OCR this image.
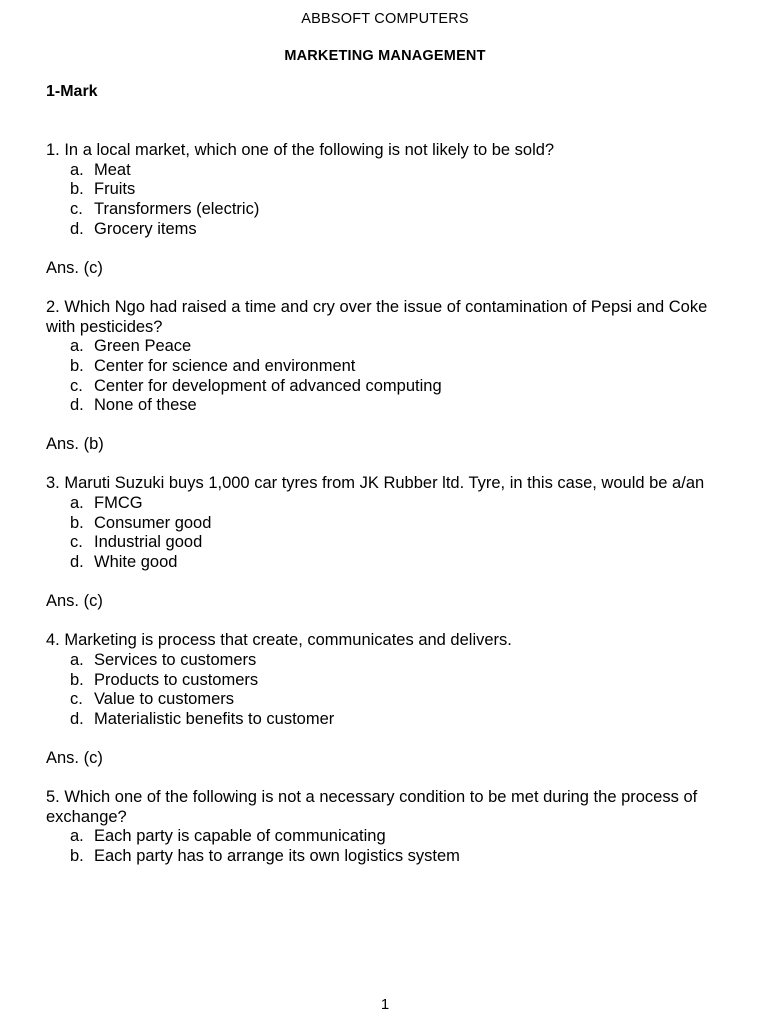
ABBSOFT COMPUTERS
MARKETING MANAGEMENT
1-Mark

1. In a local market, which one of the following is not likely to be sold?

a. Meat
b. Fruits
c. Transformers (electric)
d. Grocery items

Ans. (c)

2. Which Ngo had raised a time and cry over the issue of contamination of Pepsi and Coke with pesticides?

a. Green Peace
b. Center for science and environment
c. Center for development of advanced computing
d. None of these

Ans. (b)

3. Maruti Suzuki buys 1,000 car tyres from JK Rubber ltd. Tyre, in this case, would be a/an

a. FMCG
b. Consumer good
c. Industrial good
d. White good

Ans. (c)

4. Marketing is process that create, communicates and delivers.

a. Services to customers
b. Products to customers
c. Value to customers
d. Materialistic benefits to customer

Ans. (c)

5. Which one of the following is not a necessary condition to be met during the process of exchange?

a. Each party is capable of communicating
b. Each party has to arrange its own logistics system
1
